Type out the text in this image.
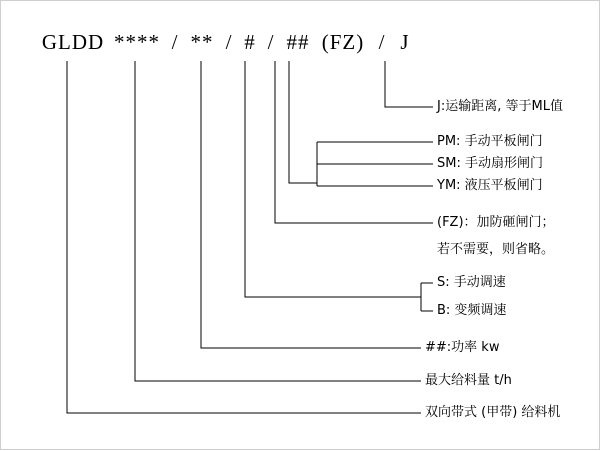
GLDD **** / ** / # / ## (FZ) / J
J:运输距离, 等于ML值
PM: 手动平板闸门
SM: 手动扇形闸门
YM: 液压平板闸门
(FZ)：加防砸闸门；
若不需要，则省略。
S: 手动调速
B: 变频调速
##:功率 kw
最大给料量 t/h
双向带式 (甲带) 给料机
